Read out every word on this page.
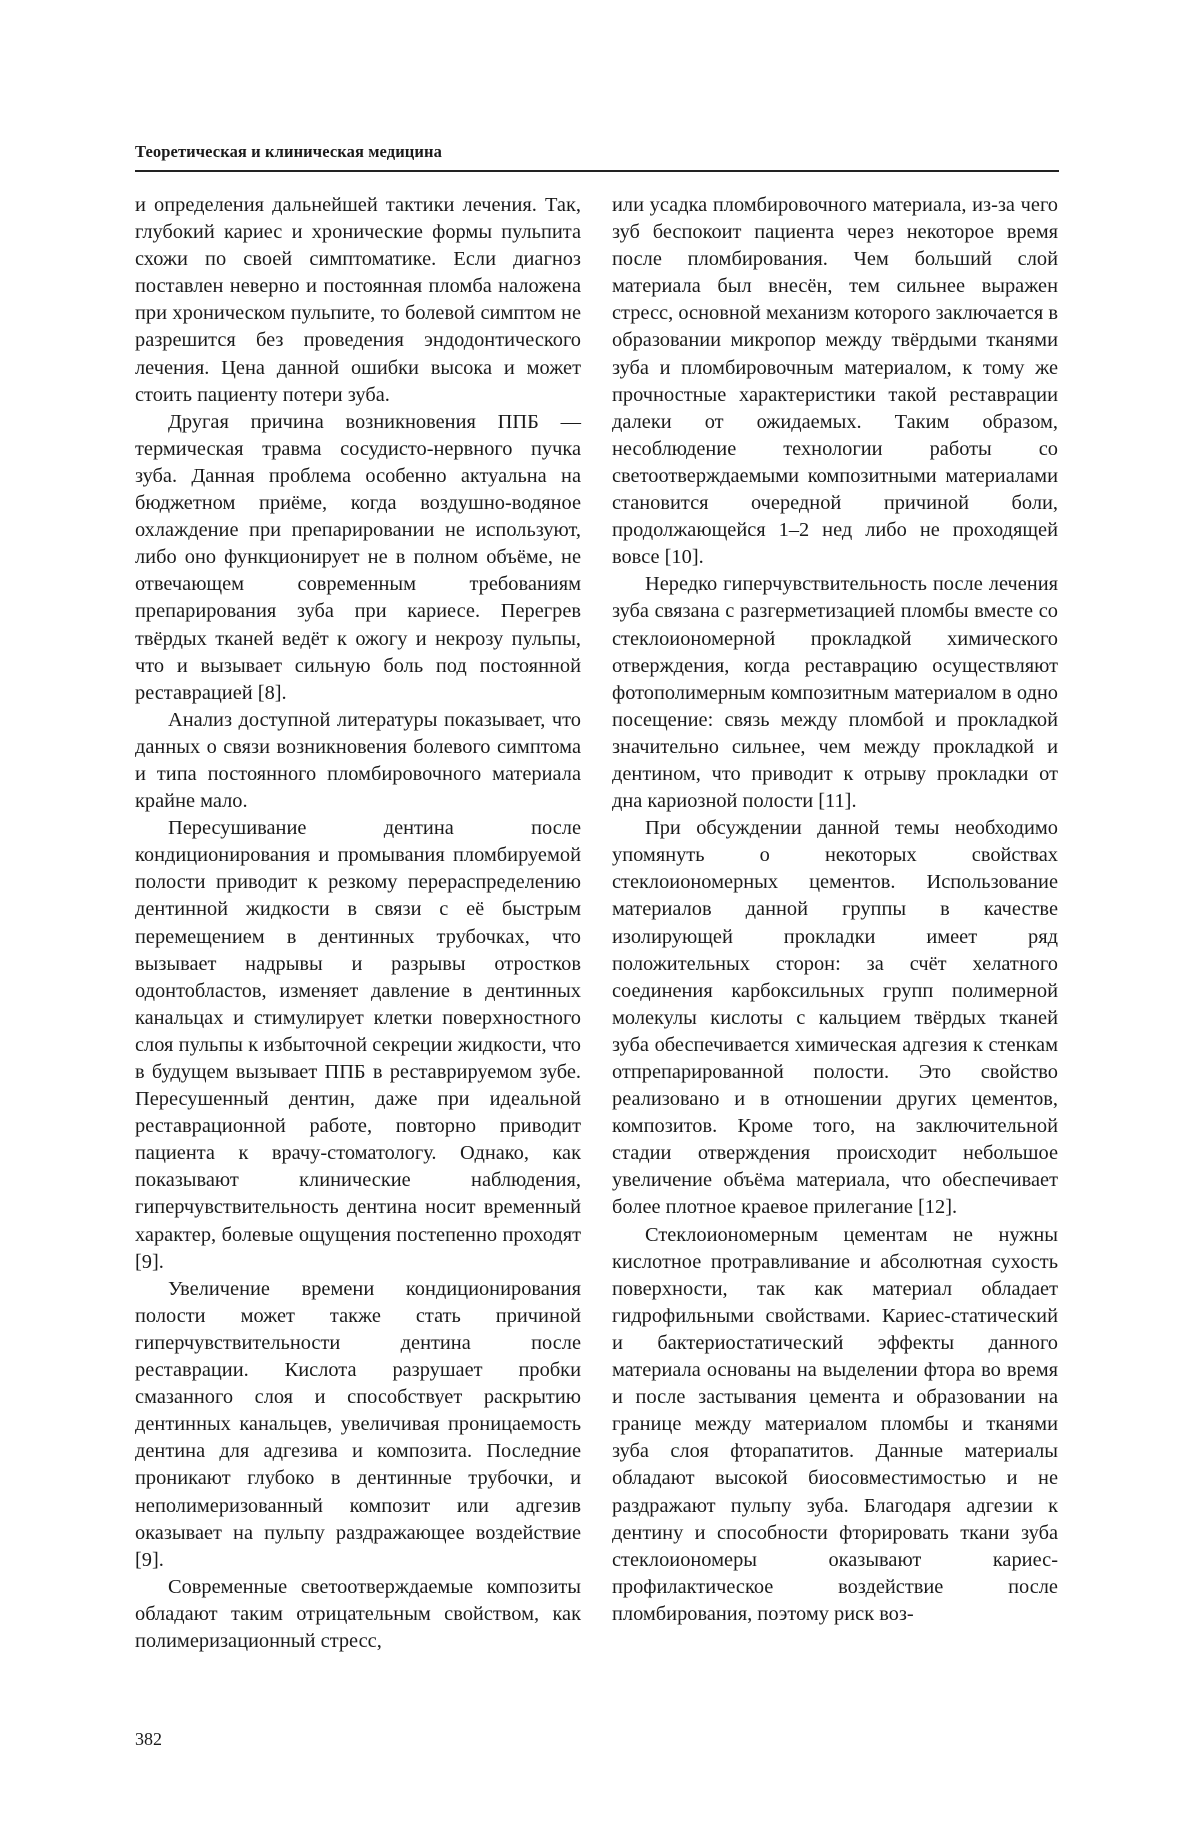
Теоретическая и клиническая медицина

и определения дальнейшей тактики лечения. Так, глубокий кариес и хронические формы пульпита схожи по своей симптоматике. Если диагноз поставлен неверно и постоянная пломба наложена при хроническом пульпите, то болевой симптом не разрешится без проведения эндодонтического лечения. Цена данной ошибки высока и может стоить пациенту потери зуба.

Другая причина возникновения ППБ — термическая травма сосудисто-нервного пучка зуба. Данная проблема особенно актуальна на бюджетном приёме, когда воздушно-водяное охлаждение при препарировании не используют, либо оно функционирует не в полном объёме, не отвечающем современным требованиям препарирования зуба при кариесе. Перегрев твёрдых тканей ведёт к ожогу и некрозу пульпы, что и вызывает сильную боль под постоянной реставрацией [8].

Анализ доступной литературы показывает, что данных о связи возникновения болевого симптома и типа постоянного пломбировочного материала крайне мало.

Пересушивание дентина после кондиционирования и промывания пломбируемой полости приводит к резкому перераспределению дентинной жидкости в связи с её быстрым перемещением в дентинных трубочках, что вызывает надрывы и разрывы отростков одонтобластов, изменяет давление в дентинных канальцах и стимулирует клетки поверхностного слоя пульпы к избыточной секреции жидкости, что в будущем вызывает ППБ в реставрируемом зубе. Пересушенный дентин, даже при идеальной реставрационной работе, повторно приводит пациента к врачу-стоматологу. Однако, как показывают клинические наблюдения, гиперчувствительность дентина носит временный характер, болевые ощущения постепенно проходят [9].

Увеличение времени кондиционирования полости может также стать причиной гиперчувствительности дентина после реставрации. Кислота разрушает пробки смазанного слоя и способствует раскрытию дентинных канальцев, увеличивая проницаемость дентина для адгезива и композита. Последние проникают глубоко в дентинные трубочки, и неполимеризованный композит или адгезив оказывает на пульпу раздражающее воздействие [9].

Современные светоотверждаемые композиты обладают таким отрицательным свойством, как полимеризационный стресс,

или усадка пломбировочного материала, из-за чего зуб беспокоит пациента через некоторое время после пломбирования. Чем больший слой материала был внесён, тем сильнее выражен стресс, основной механизм которого заключается в образовании микропор между твёрдыми тканями зуба и пломбировочным материалом, к тому же прочностные характеристики такой реставрации далеки от ожидаемых. Таким образом, несоблюдение технологии работы со светоотверждаемыми композитными материалами становится очередной причиной боли, продолжающейся 1–2 нед либо не проходящей вовсе [10].

Нередко гиперчувствительность после лечения зуба связана с разгерметизацией пломбы вместе со стеклоиономерной прокладкой химического отверждения, когда реставрацию осуществляют фотополимерным композитным материалом в одно посещение: связь между пломбой и прокладкой значительно сильнее, чем между прокладкой и дентином, что приводит к отрыву прокладки от дна кариозной полости [11].

При обсуждении данной темы необходимо упомянуть о некоторых свойствах стеклоиономерных цементов. Использование материалов данной группы в качестве изолирующей прокладки имеет ряд положительных сторон: за счёт хелатного соединения карбоксильных групп полимерной молекулы кислоты с кальцием твёрдых тканей зуба обеспечивается химическая адгезия к стенкам отпрепарированной полости. Это свойство реализовано и в отношении других цементов, композитов. Кроме того, на заключительной стадии отверждения происходит небольшое увеличение объёма материала, что обеспечивает более плотное краевое прилегание [12].

Стеклоиономерным цементам не нужны кислотное протравливание и абсолютная сухость поверхности, так как материал обладает гидрофильными свойствами. Кариес-статический и бактериостатический эффекты данного материала основаны на выделении фтора во время и после застывания цемента и образовании на границе между материалом пломбы и тканями зуба слоя фторапатитов. Данные материалы обладают высокой биосовместимостью и не раздражают пульпу зуба. Благодаря адгезии к дентину и способности фторировать ткани зуба стеклоиономеры оказывают кариес-профилактическое воздействие после пломбирования, поэтому риск воз-

382
